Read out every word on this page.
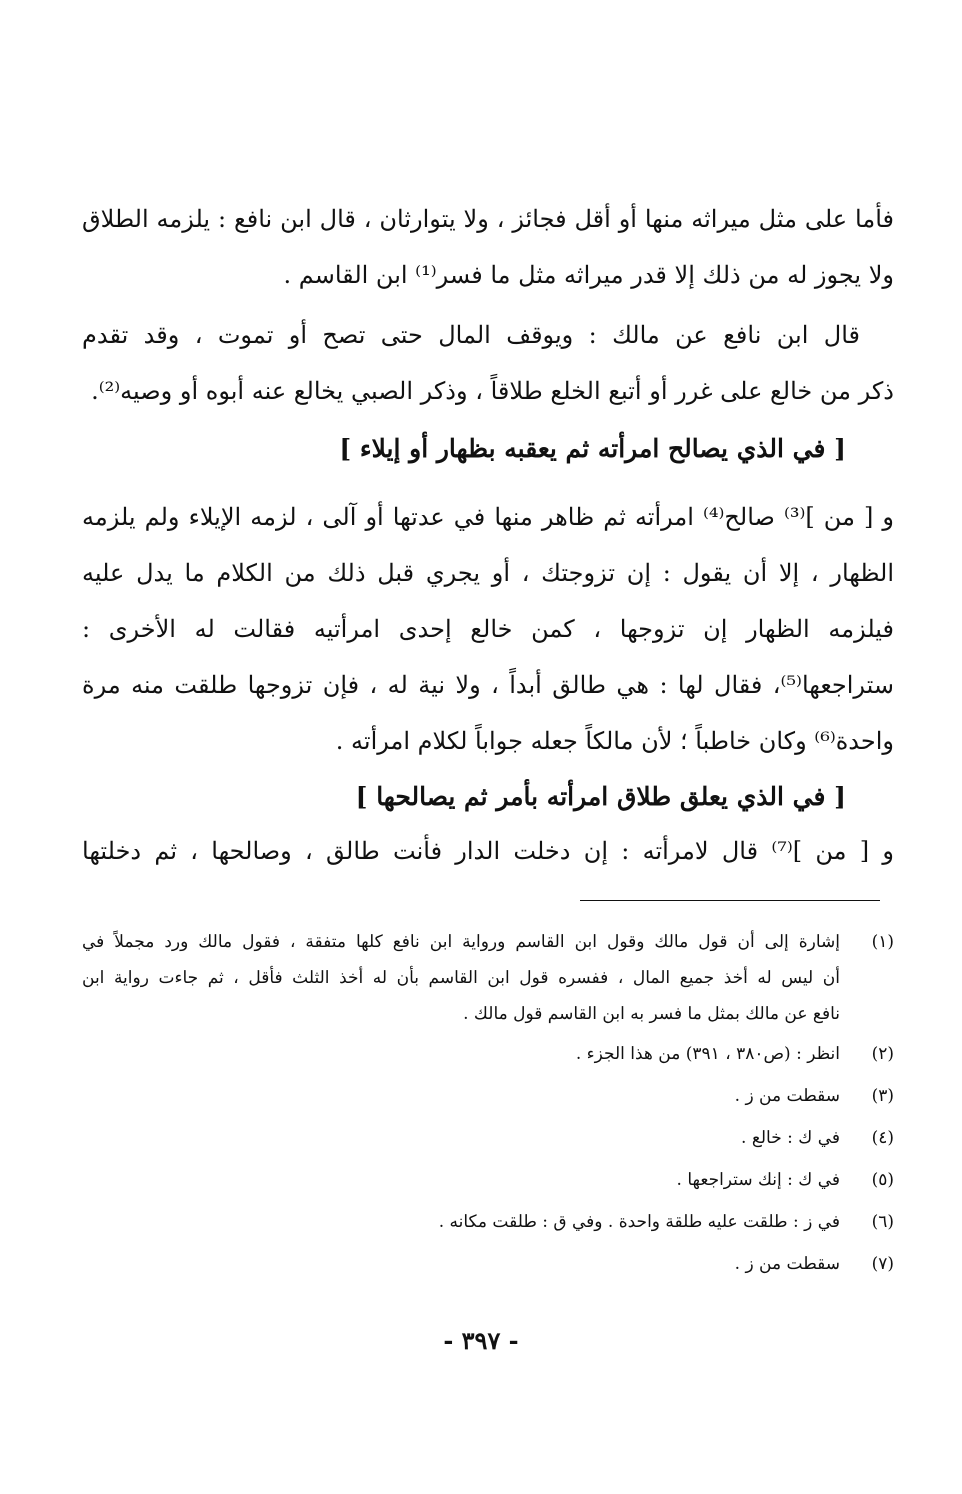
فأما على مثل ميراثه منها أو أقل فجائز ، ولا يتوارثان ، قال ابن نافع : يلزمه الطلاق
ولا يجوز له من ذلك إلا قدر ميراثه مثل ما فسر⁽¹⁾ ابن القاسم .
قال ابن نافع عن مالك : ويوقف المال حتى تصح أو تموت ، وقد تقدم
ذكر من خالع على غرر أو أتبع الخلع طلاقاً ، وذكر الصبي يخالع عنه أبوه أو وصيه⁽²⁾.
[ في الذي يصالح امرأته ثم يعقبه بظهار أو إيلاء ]
و [ من ]⁽³⁾ صالح⁽⁴⁾ امرأته ثم ظاهر منها في عدتها أو آلى ، لزمه الإيلاء ولم يلزمه
الظهار ، إلا أن يقول : إن تزوجتك ، أو يجري قبل ذلك من الكلام ما يدل عليه
فيلزمه الظهار إن تزوجها ، كمن خالع إحدى امرأتيه فقالت له الأخرى :
ستراجعها⁽⁵⁾، فقال لها : هي طالق أبداً ، ولا نية له ، فإن تزوجها طلقت منه مرة
واحدة⁽⁶⁾ وكان خاطباً ؛ لأن مالكاً جعله جواباً لكلام امرأته .
[ في الذي يعلق طلاق امرأته بأمر ثم يصالحها ]
و [ من ]⁽⁷⁾ قال لامرأته : إن دخلت الدار فأنت طالق ، وصالحها ، ثم دخلتها
(١)
إشارة إلى أن قول مالك وقول ابن القاسم ورواية ابن نافع كلها متفقة ، فقول مالك ورد مجملاً في
أن ليس له أخذ جميع المال ، ففسره قول ابن القاسم بأن له أخذ الثلث فأقل ، ثم جاءت رواية ابن
نافع عن مالك بمثل ما فسر به ابن القاسم قول مالك .
(٢)
انظر : (ص٣٨٠ ، ٣٩١) من هذا الجزء .
(٣)
سقطت من ز .
(٤)
في ك : خالع .
(٥)
في ك : إنك ستراجعها .
(٦)
في ز : طلقت عليه طلقة واحدة . وفي ق : طلقت مكانه .
(٧)
سقطت من ز .
- ٣٩٧ -
